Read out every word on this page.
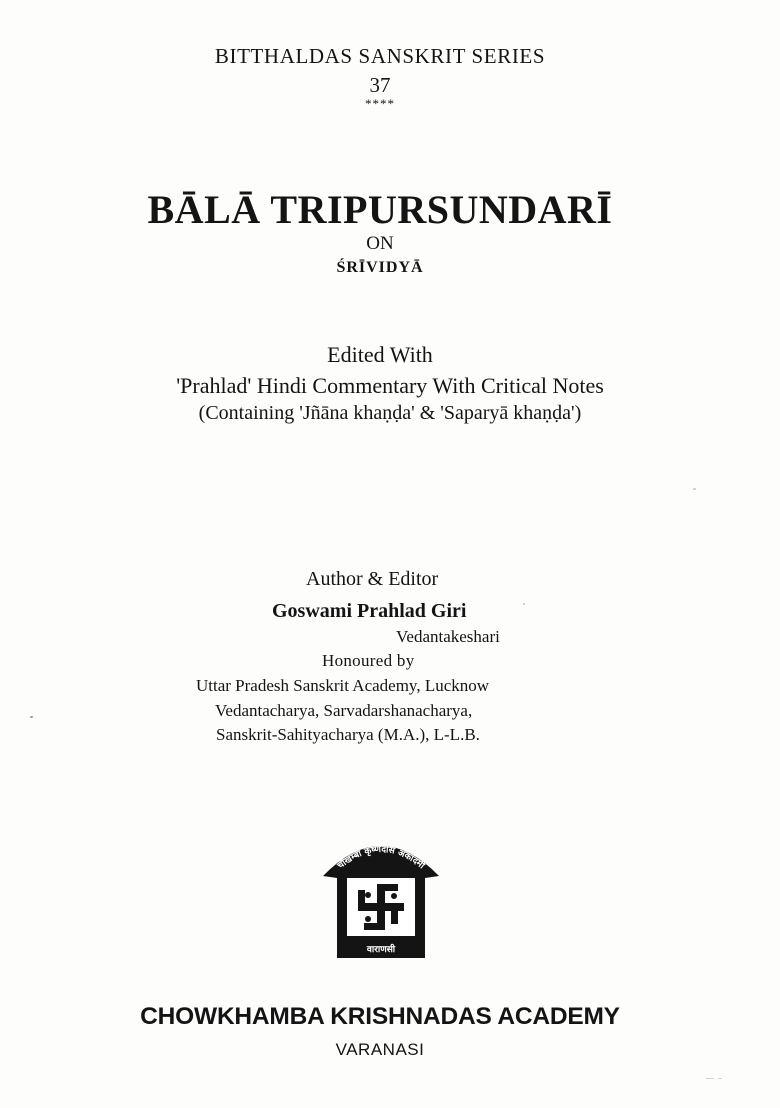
BITTHALDAS SANSKRIT SERIES
37
****
BĀLĀ TRIPURSUNDARĪ
ON
ŚRĪVIDYĀ
Edited With
'Prahlad' Hindi Commentary With Critical Notes
(Containing 'Jñāna khaṇḍa' & 'Saparyā khaṇḍa')
Author & Editor
Goswami Prahlad Giri
Vedantakeshari
Honoured by
Uttar Pradesh Sanskrit Academy, Lucknow
Vedantacharya, Sarvadarshanacharya,
Sanskrit-Sahityacharya (M.A.), L-L.B.
चौखम्बा कृष्णदास अकादमी
वाराणसी
CHOWKHAMBA KRISHNADAS ACADEMY
VARANASI
